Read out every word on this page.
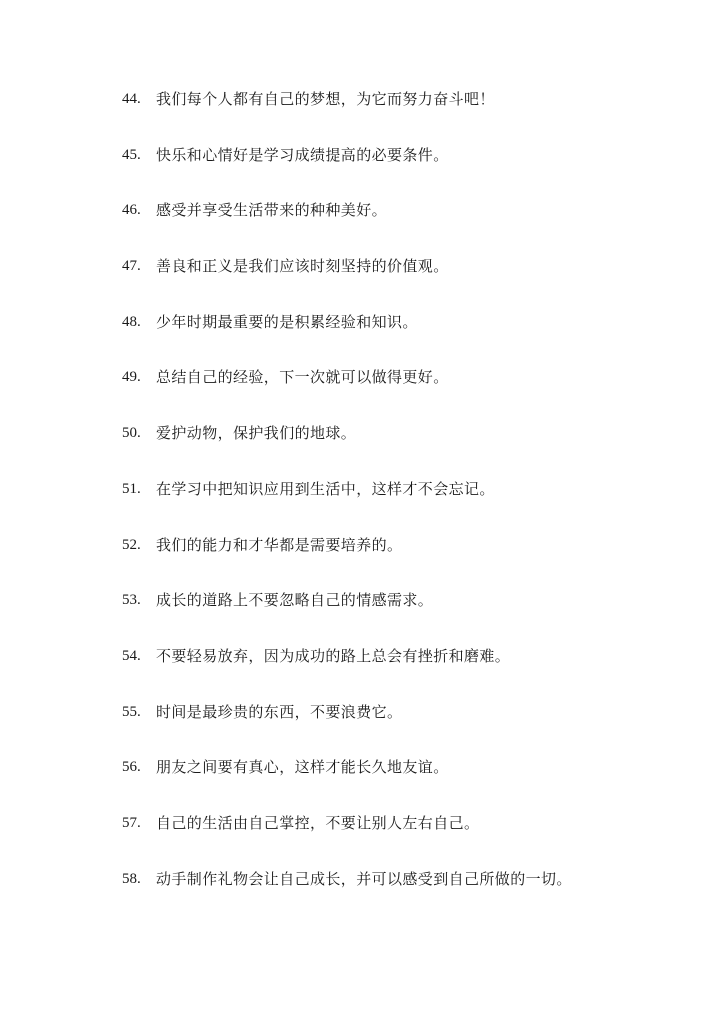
44.	我们每个人都有自己的梦想，为它而努力奋斗吧！
45.	快乐和心情好是学习成绩提高的必要条件。
46.	感受并享受生活带来的种种美好。
47.	善良和正义是我们应该时刻坚持的价值观。
48.	少年时期最重要的是积累经验和知识。
49.	总结自己的经验，下一次就可以做得更好。
50.	爱护动物，保护我们的地球。
51.	在学习中把知识应用到生活中，这样才不会忘记。
52.	我们的能力和才华都是需要培养的。
53.	成长的道路上不要忽略自己的情感需求。
54.	不要轻易放弃，因为成功的路上总会有挫折和磨难。
55.	时间是最珍贵的东西，不要浪费它。
56.	朋友之间要有真心，这样才能长久地友谊。
57.	自己的生活由自己掌控，不要让别人左右自己。
58.	动手制作礼物会让自己成长，并可以感受到自己所做的一切。
